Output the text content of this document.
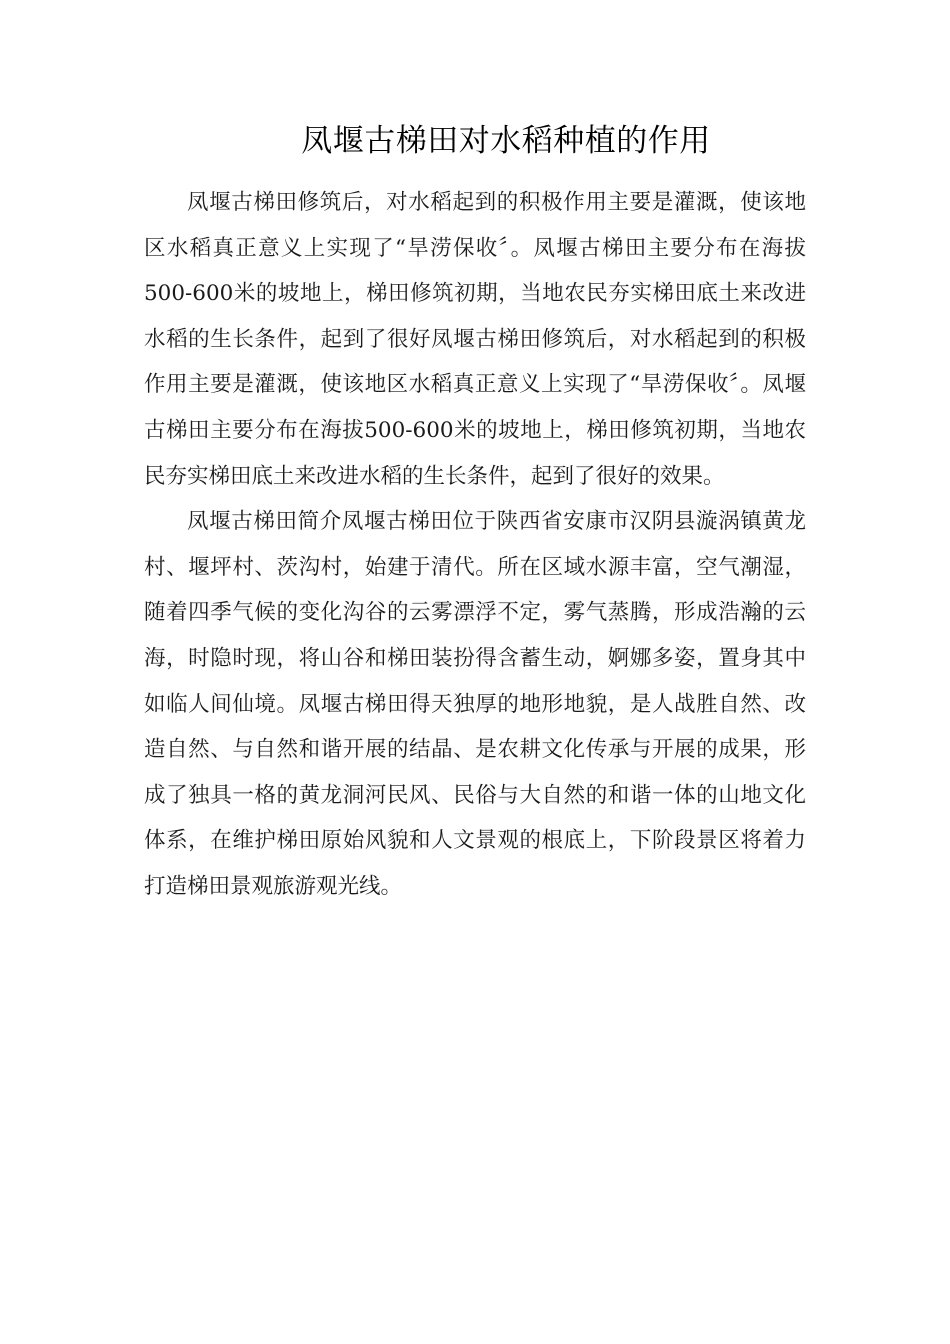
凤堰古梯田对水稻种植的作用

凤堰古梯田修筑后，对水稻起到的积极作用主要是灌溉，使该地区水稻真正意义上实现了“旱涝保收〞。凤堰古梯田主要分布在海拔500-600米的坡地上，梯田修筑初期，当地农民夯实梯田底土来改进水稻的生长条件，起到了很好凤堰古梯田修筑后，对水稻起到的积极作用主要是灌溉，使该地区水稻真正意义上实现了“旱涝保收〞。凤堰古梯田主要分布在海拔500-600米的坡地上，梯田修筑初期，当地农民夯实梯田底土来改进水稻的生长条件，起到了很好的效果。

凤堰古梯田简介凤堰古梯田位于陕西省安康市汉阴县漩涡镇黄龙村、堰坪村、茨沟村，始建于清代。所在区域水源丰富，空气潮湿，随着四季气候的变化沟谷的云雾漂浮不定，雾气蒸腾，形成浩瀚的云海，时隐时现，将山谷和梯田装扮得含蓄生动，婀娜多姿，置身其中如临人间仙境。凤堰古梯田得天独厚的地形地貌，是人战胜自然、改造自然、与自然和谐开展的结晶、是农耕文化传承与开展的成果，形成了独具一格的黄龙洞河民风、民俗与大自然的和谐一体的山地文化体系，在维护梯田原始风貌和人文景观的根底上，下阶段景区将着力打造梯田景观旅游观光线。
